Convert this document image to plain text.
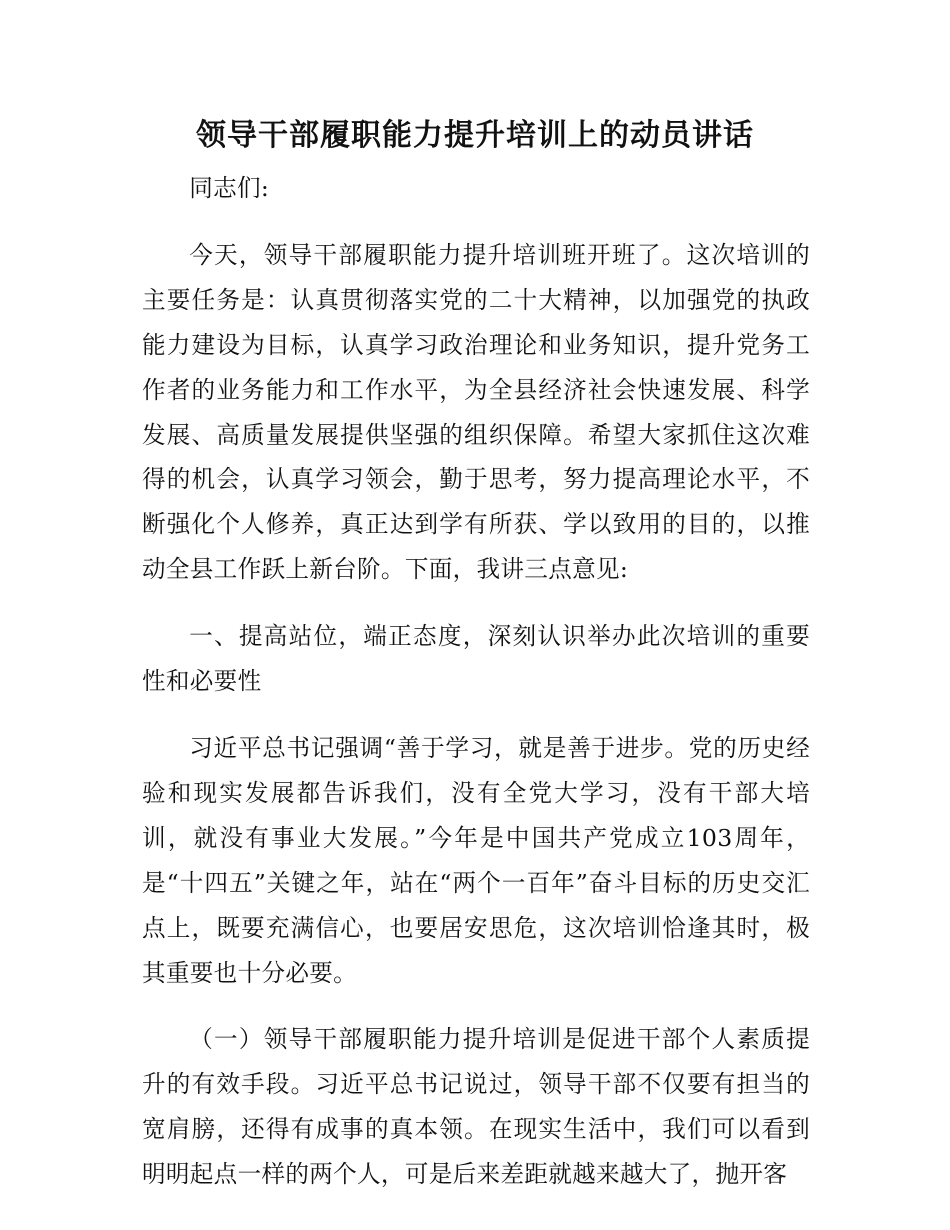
领导干部履职能力提升培训上的动员讲话

同志们:

今天，领导干部履职能力提升培训班开班了。这次培训的主要任务是：认真贯彻落实党的二十大精神，以加强党的执政能力建设为目标，认真学习政治理论和业务知识，提升党务工作者的业务能力和工作水平，为全县经济社会快速发展、科学发展、高质量发展提供坚强的组织保障。希望大家抓住这次难得的机会，认真学习领会，勤于思考，努力提高理论水平，不断强化个人修养，真正达到学有所获、学以致用的目的，以推动全县工作跃上新台阶。下面，我讲三点意见:

一、提高站位，端正态度，深刻认识举办此次培训的重要性和必要性

习近平总书记强调“善于学习，就是善于进步。党的历史经验和现实发展都告诉我们，没有全党大学习，没有干部大培训，就没有事业大发展。”今年是中国共产党成立103周年，是“十四五”关键之年，站在“两个一百年”奋斗目标的历史交汇点上，既要充满信心，也要居安思危，这次培训恰逢其时，极其重要也十分必要。

（一）领导干部履职能力提升培训是促进干部个人素质提升的有效手段。习近平总书记说过，领导干部不仅要有担当的宽肩膀，还得有成事的真本领。在现实生活中，我们可以看到明明起点一样的两个人，可是后来差距就越来越大了，抛开客
